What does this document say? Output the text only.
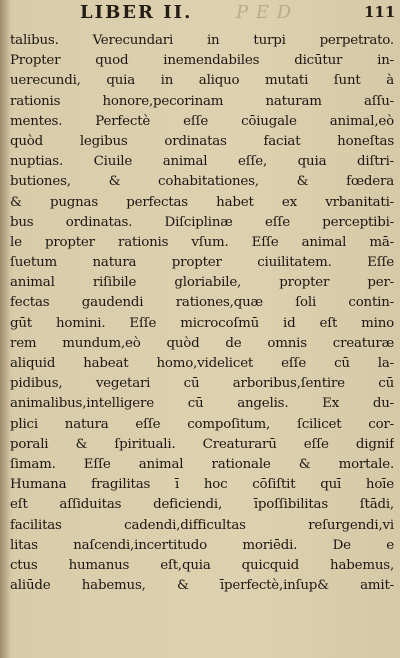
LIBER II. P E D	111
talibus. Verecundari in turpi perpetrato.
Propter quod inemendabiles dicūtur in-
uerecundi, quia in aliquo mutati ſunt à
rationis honore,pecorinam naturam aſſu-
mentes. Perfectè eſſe cōiugale animal,eò
quòd legibus ordinatas faciat honeſtas
nuptias. Ciuile animal eſſe, quia diſtri-
butiones, & cohabitationes, & fœdera
& pugnas perfectas habet ex vrbanitati-
bus ordinatas. Diſciplinæ eſſe perceptibi-
le propter rationis vſum. Eſſe animal mā-
ſuetum natura propter ciuilitatem. Eſſe
animal riſibile gloriabile, propter per-
fectas gaudendi rationes,quæ ſoli contin-
gūt homini. Eſſe microcoſmū id eſt mino
rem mundum,eò quòd de omnis creaturæ
aliquid habeat homo,videlicet eſſe cū la-
pidibus, vegetari cū arboribus,ſentire cū
animalibus,intelligere cū angelis. Ex du-
plici natura eſſe compoſitum, ſcilicet cor-
porali & ſpirituali. Creaturarū eſſe dignif
ſimam. Eſſe animal rationale & mortale.
Humana fragilitas ī hoc cōſiſtit quī hoīe
eſt aſſiduitas deficiendi, īpoſſibilitas ſtādi,
facilitas cadendi,difficultas reſurgendi,vi
litas naſcendi,incertitudo moriēdi. De e
ctus humanus eſt,quia quicquid habemus,
aliūde habemus, & īperfectè,inſup& amit-
